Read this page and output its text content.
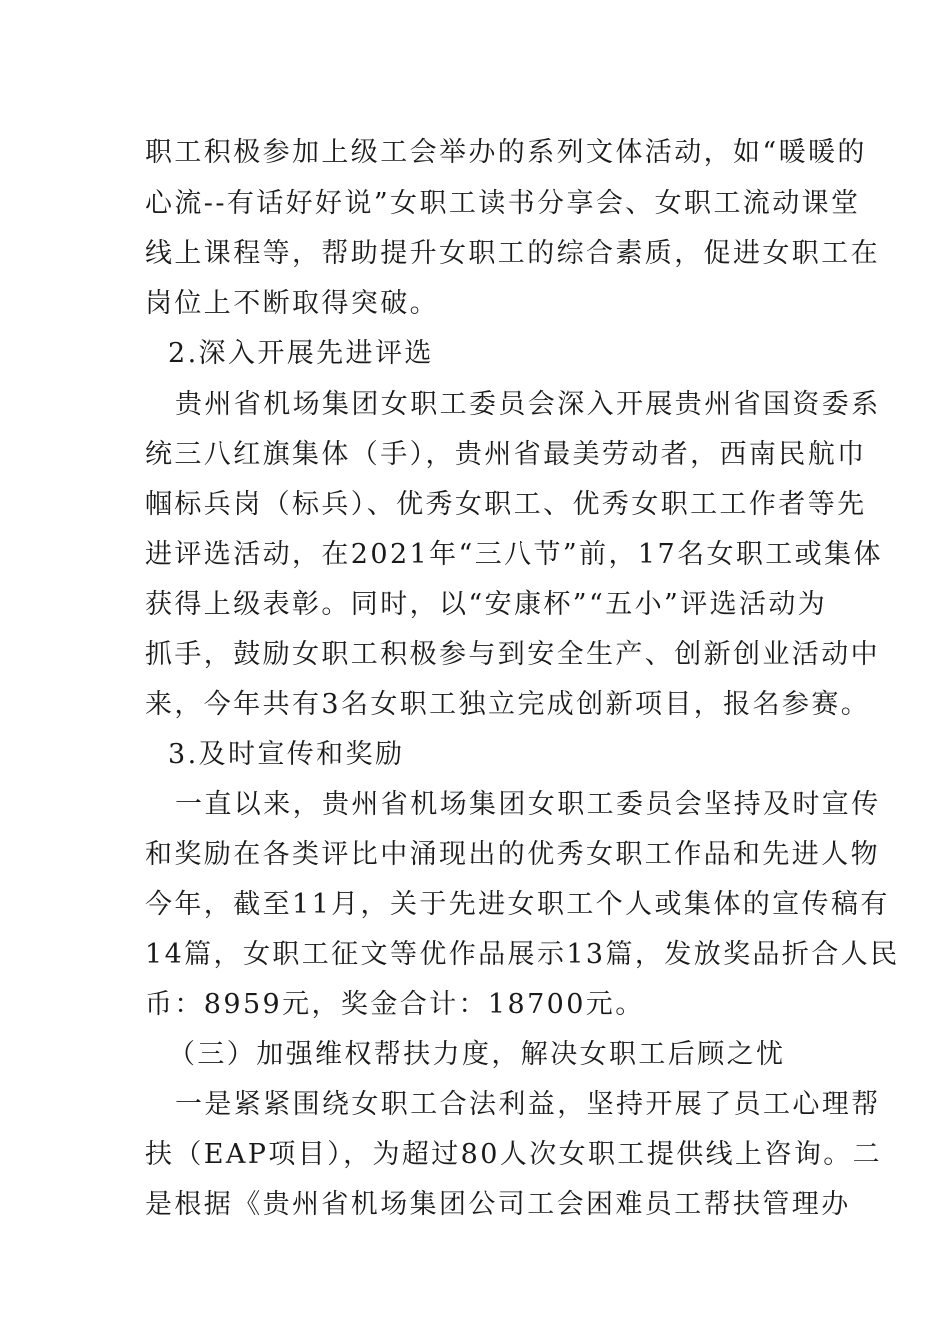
职工积极参加上级工会举办的系列文体活动，如“暖暖的
心流--有话好好说”女职工读书分享会、女职工流动课堂
线上课程等，帮助提升女职工的综合素质，促进女职工在
岗位上不断取得突破。
2.深入开展先进评选
贵州省机场集团女职工委员会深入开展贵州省国资委系
统三八红旗集体（手），贵州省最美劳动者，西南民航巾
帼标兵岗（标兵）、优秀女职工、优秀女职工工作者等先
进评选活动，在2021年“三八节”前，17名女职工或集体
获得上级表彰。同时，以“安康杯”“五小”评选活动为
抓手，鼓励女职工积极参与到安全生产、创新创业活动中
来，今年共有3名女职工独立完成创新项目，报名参赛。
3.及时宣传和奖励
一直以来，贵州省机场集团女职工委员会坚持及时宣传
和奖励在各类评比中涌现出的优秀女职工作品和先进人物
今年，截至11月，关于先进女职工个人或集体的宣传稿有
14篇，女职工征文等优作品展示13篇，发放奖品折合人民
币：8959元，奖金合计：18700元。
（三）加强维权帮扶力度，解决女职工后顾之忧
一是紧紧围绕女职工合法利益，坚持开展了员工心理帮
扶（EAP项目），为超过80人次女职工提供线上咨询。二
是根据《贵州省机场集团公司工会困难员工帮扶管理办
